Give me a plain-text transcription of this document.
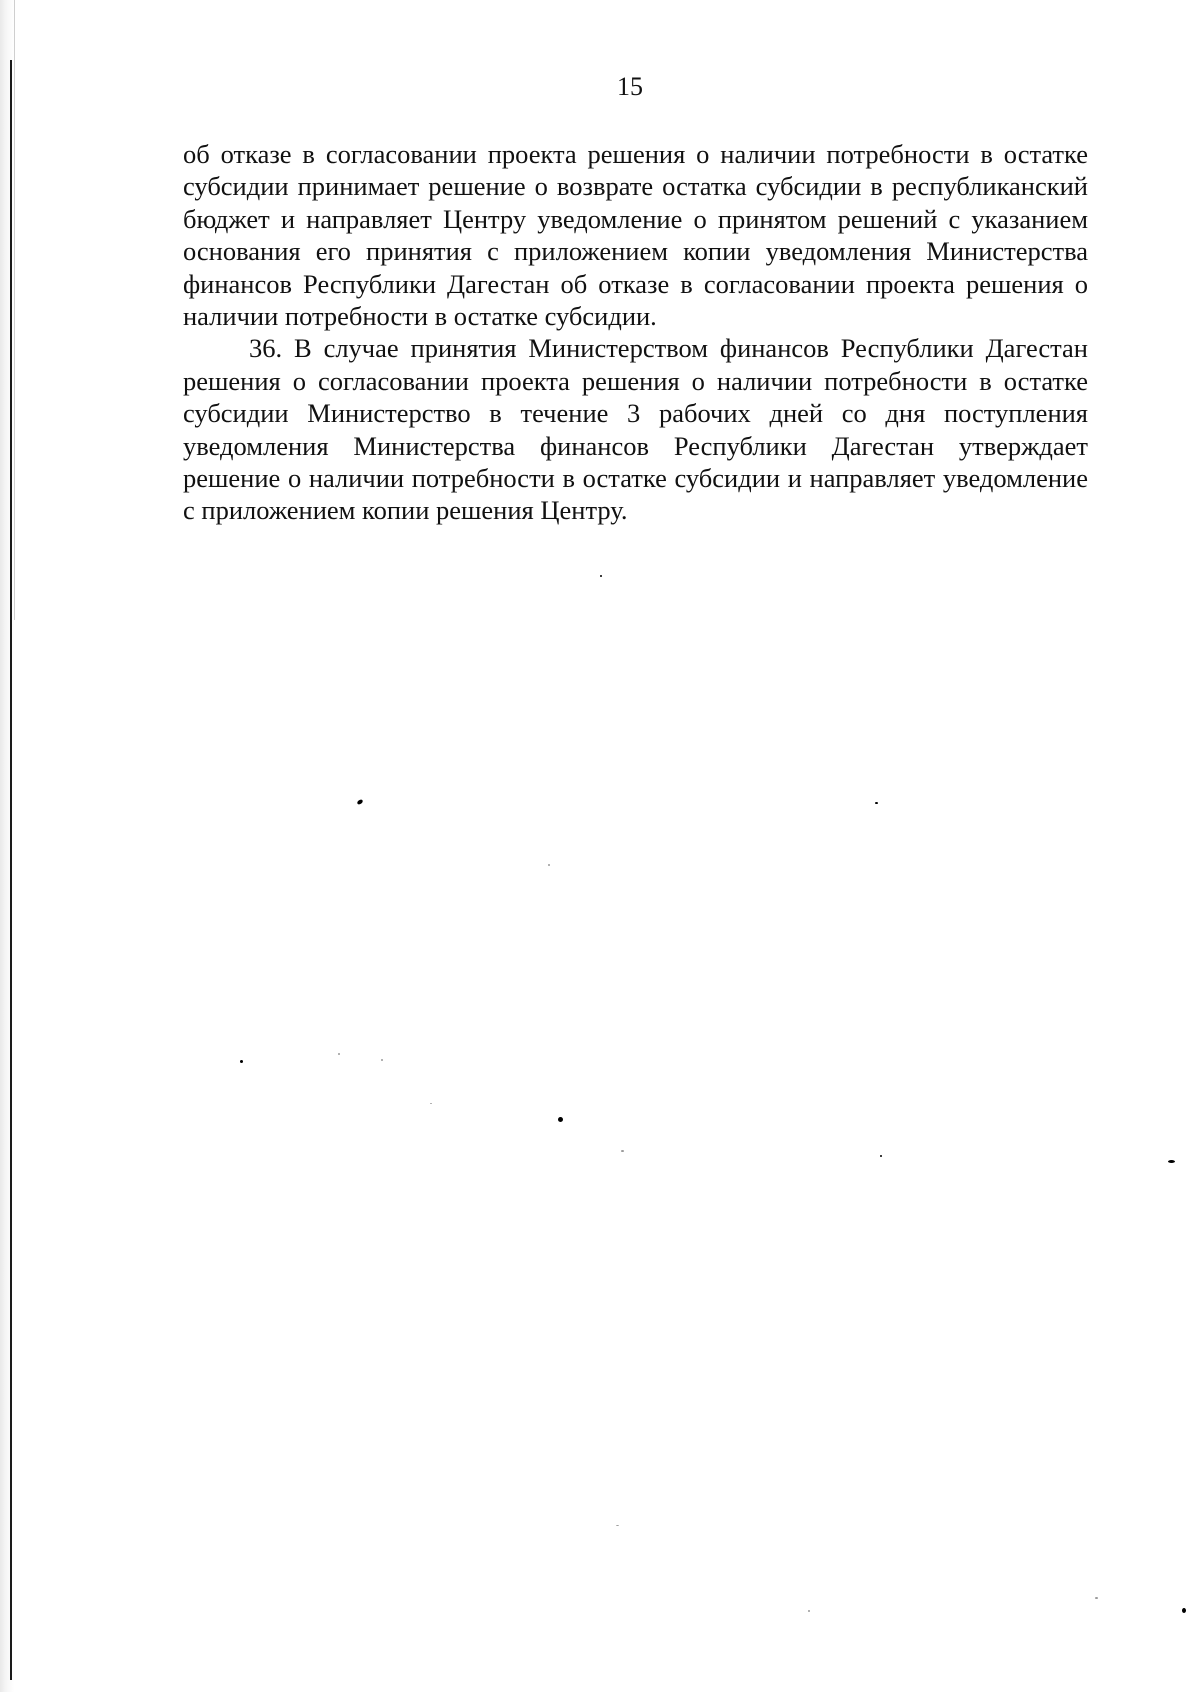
15

об отказе в согласовании проекта решения о наличии потребности в остатке субсидии принимает решение о возврате остатка субсидии в республиканский бюджет и направляет Центру уведомление о принятом решений с указанием основания его принятия с приложением копии уведомления Министерства финансов Республики Дагестан об отказе в согласовании проекта решения о наличии потребности в остатке субсидии.

36. В случае принятия Министерством финансов Республики Дагестан решения о согласовании проекта решения о наличии потребности в остатке субсидии Министерство в течение 3 рабочих дней со дня поступления уведомления Министерства финансов Республики Дагестан утверждает решение о наличии потребности в остатке субсидии и направляет уведомление с приложением копии решения Центру.
